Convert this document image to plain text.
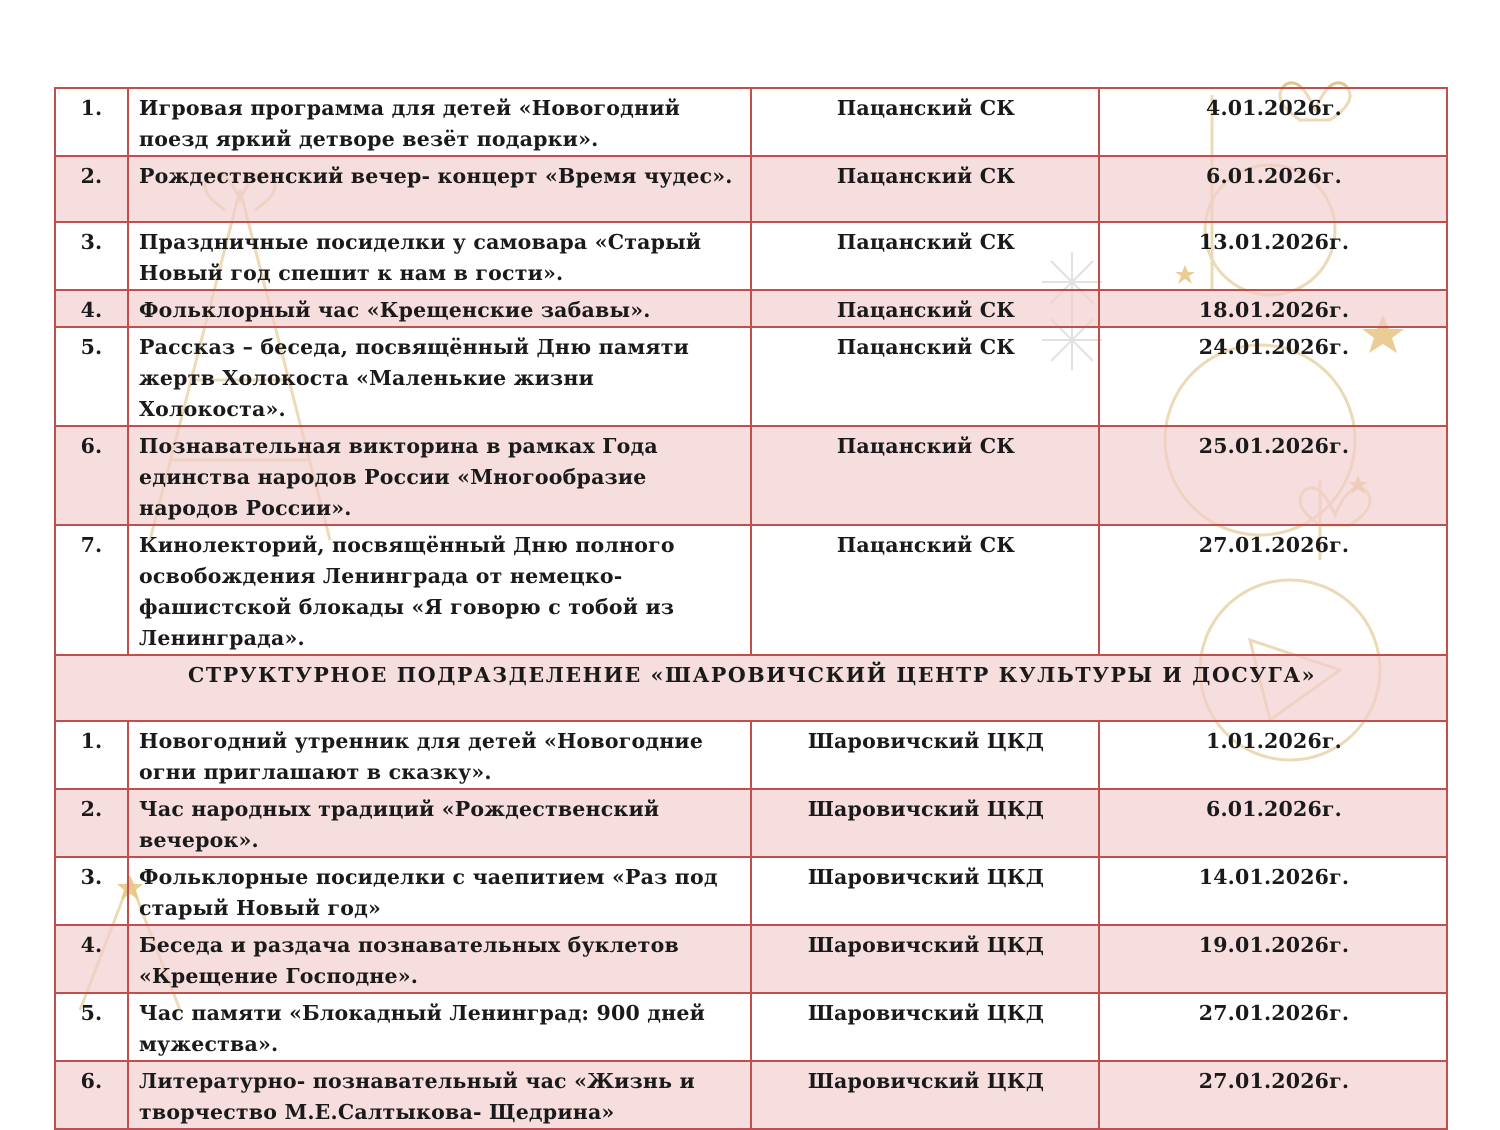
1.	Игровая программа для детей «Новогодний поезд яркий детворе везёт подарки».	Пацанский СК	4.01.2026г.
2.	Рождественский вечер- концерт «Время чудес».	Пацанский СК	6.01.2026г.
3.	Праздничные посиделки у самовара «Старый Новый год спешит к нам в гости».	Пацанский СК	13.01.2026г.
4.	Фольклорный час «Крещенские забавы».	Пацанский СК	18.01.2026г.
5.	Рассказ – беседа, посвящённый Дню памяти жертв Холокоста «Маленькие жизни Холокоста».	Пацанский СК	24.01.2026г.
6.	Познавательная викторина в рамках Года единства народов России «Многообразие народов России».	Пацанский СК	25.01.2026г.
7.	Кинолекторий, посвящённый Дню полного освобождения Ленинграда от немецко- фашистской блокады «Я говорю с тобой из Ленинграда».	Пацанский СК	27.01.2026г.
СТРУКТУРНОЕ ПОДРАЗДЕЛЕНИЕ «ШАРОВИЧСКИЙ ЦЕНТР КУЛЬТУРЫ И ДОСУГА»			
1.	Новогодний утренник для детей «Новогодние огни приглашают в сказку».	Шаровичский ЦКД	1.01.2026г.
2.	Час народных традиций «Рождественский вечерок».	Шаровичский ЦКД	6.01.2026г.
3.	Фольклорные посиделки с чаепитием «Раз под старый Новый год»	Шаровичский ЦКД	14.01.2026г.
4.	Беседа и раздача познавательных буклетов «Крещение Господне».	Шаровичский ЦКД	19.01.2026г.
5.	Час памяти «Блокадный Ленинград: 900 дней мужества».	Шаровичский ЦКД	27.01.2026г.
6.	Литературно- познавательный час «Жизнь и творчество М.Е.Салтыкова- Щедрина»	Шаровичский ЦКД	27.01.2026г.
